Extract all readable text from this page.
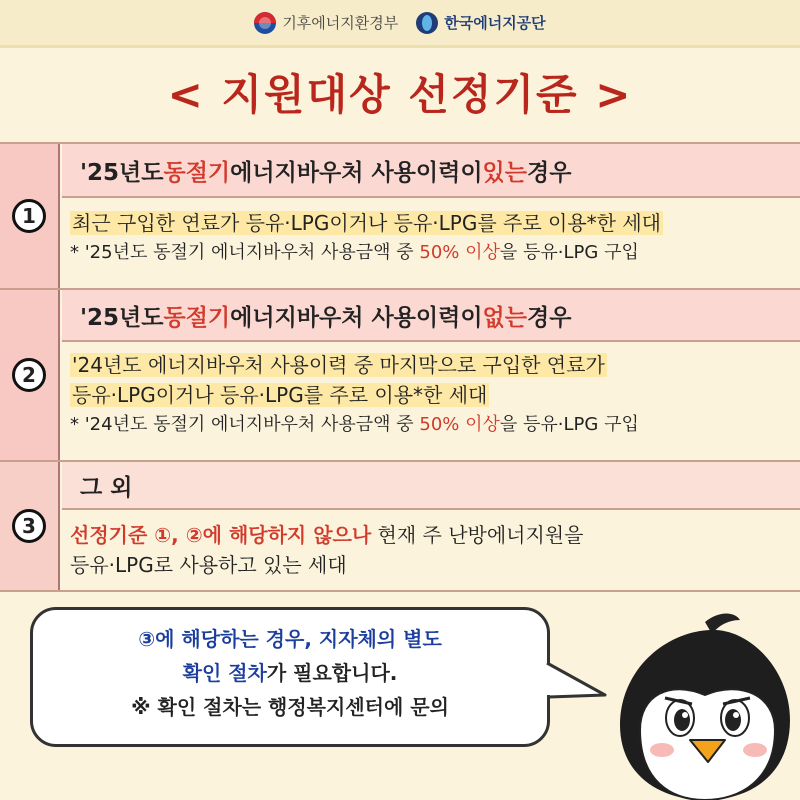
기후에너지환경부	한국에너지공단
< 지원대상 선정기준 >
1
'25년도 동절기 에너지바우처 사용이력이 있는 경우
최근 구입한 연료가 등유·LPG이거나 등유·LPG를 주로 이용*한 세대
* '25년도 동절기 에너지바우처 사용금액 중 50% 이상을 등유·LPG 구입
2
'25년도 동절기 에너지바우처 사용이력이 없는 경우
'24년도 에너지바우처 사용이력 중 마지막으로 구입한 연료가
등유·LPG이거나 등유·LPG를 주로 이용*한 세대
* '24년도 동절기 에너지바우처 사용금액 중 50% 이상을 등유·LPG 구입
3
그 외
선정기준 ①, ②에 해당하지 않으나 현재 주 난방에너지원을
등유·LPG로 사용하고 있는 세대
③에 해당하는 경우, 지자체의 별도
확인 절차가 필요합니다.
※ 확인 절차는 행정복지센터에 문의
